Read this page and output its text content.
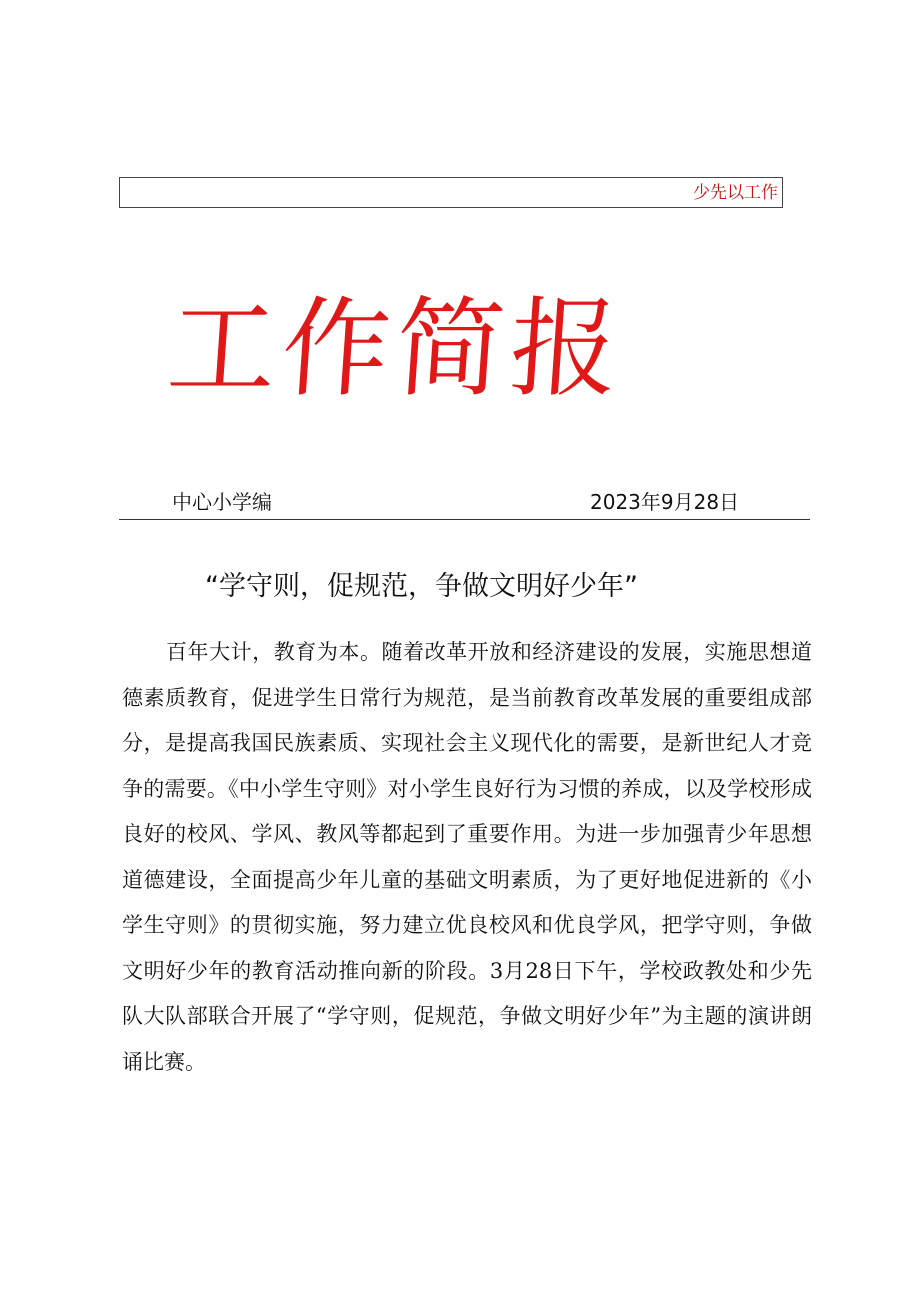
少先以工作
工作简报
中心小学编	2023年9月28日
“学守则，促规范，争做文明好少年”

百年大计，教育为本。随着改革开放和经济建设的发展，实施思想道德素质教育，促进学生日常行为规范，是当前教育改革发展的重要组成部分，是提高我国民族素质、实现社会主义现代化的需要，是新世纪人才竞争的需要。《中小学生守则》对小学生良好行为习惯的养成，以及学校形成良好的校风、学风、教风等都起到了重要作用。为进一步加强青少年思想道德建设，全面提高少年儿童的基础文明素质，为了更好地促进新的《小学生守则》的贯彻实施，努力建立优良校风和优良学风，把学守则，争做文明好少年的教育活动推向新的阶段。3月28日下午，学校政教处和少先队大队部联合开展了“学守则，促规范，争做文明好少年”为主题的演讲朗诵比赛。
